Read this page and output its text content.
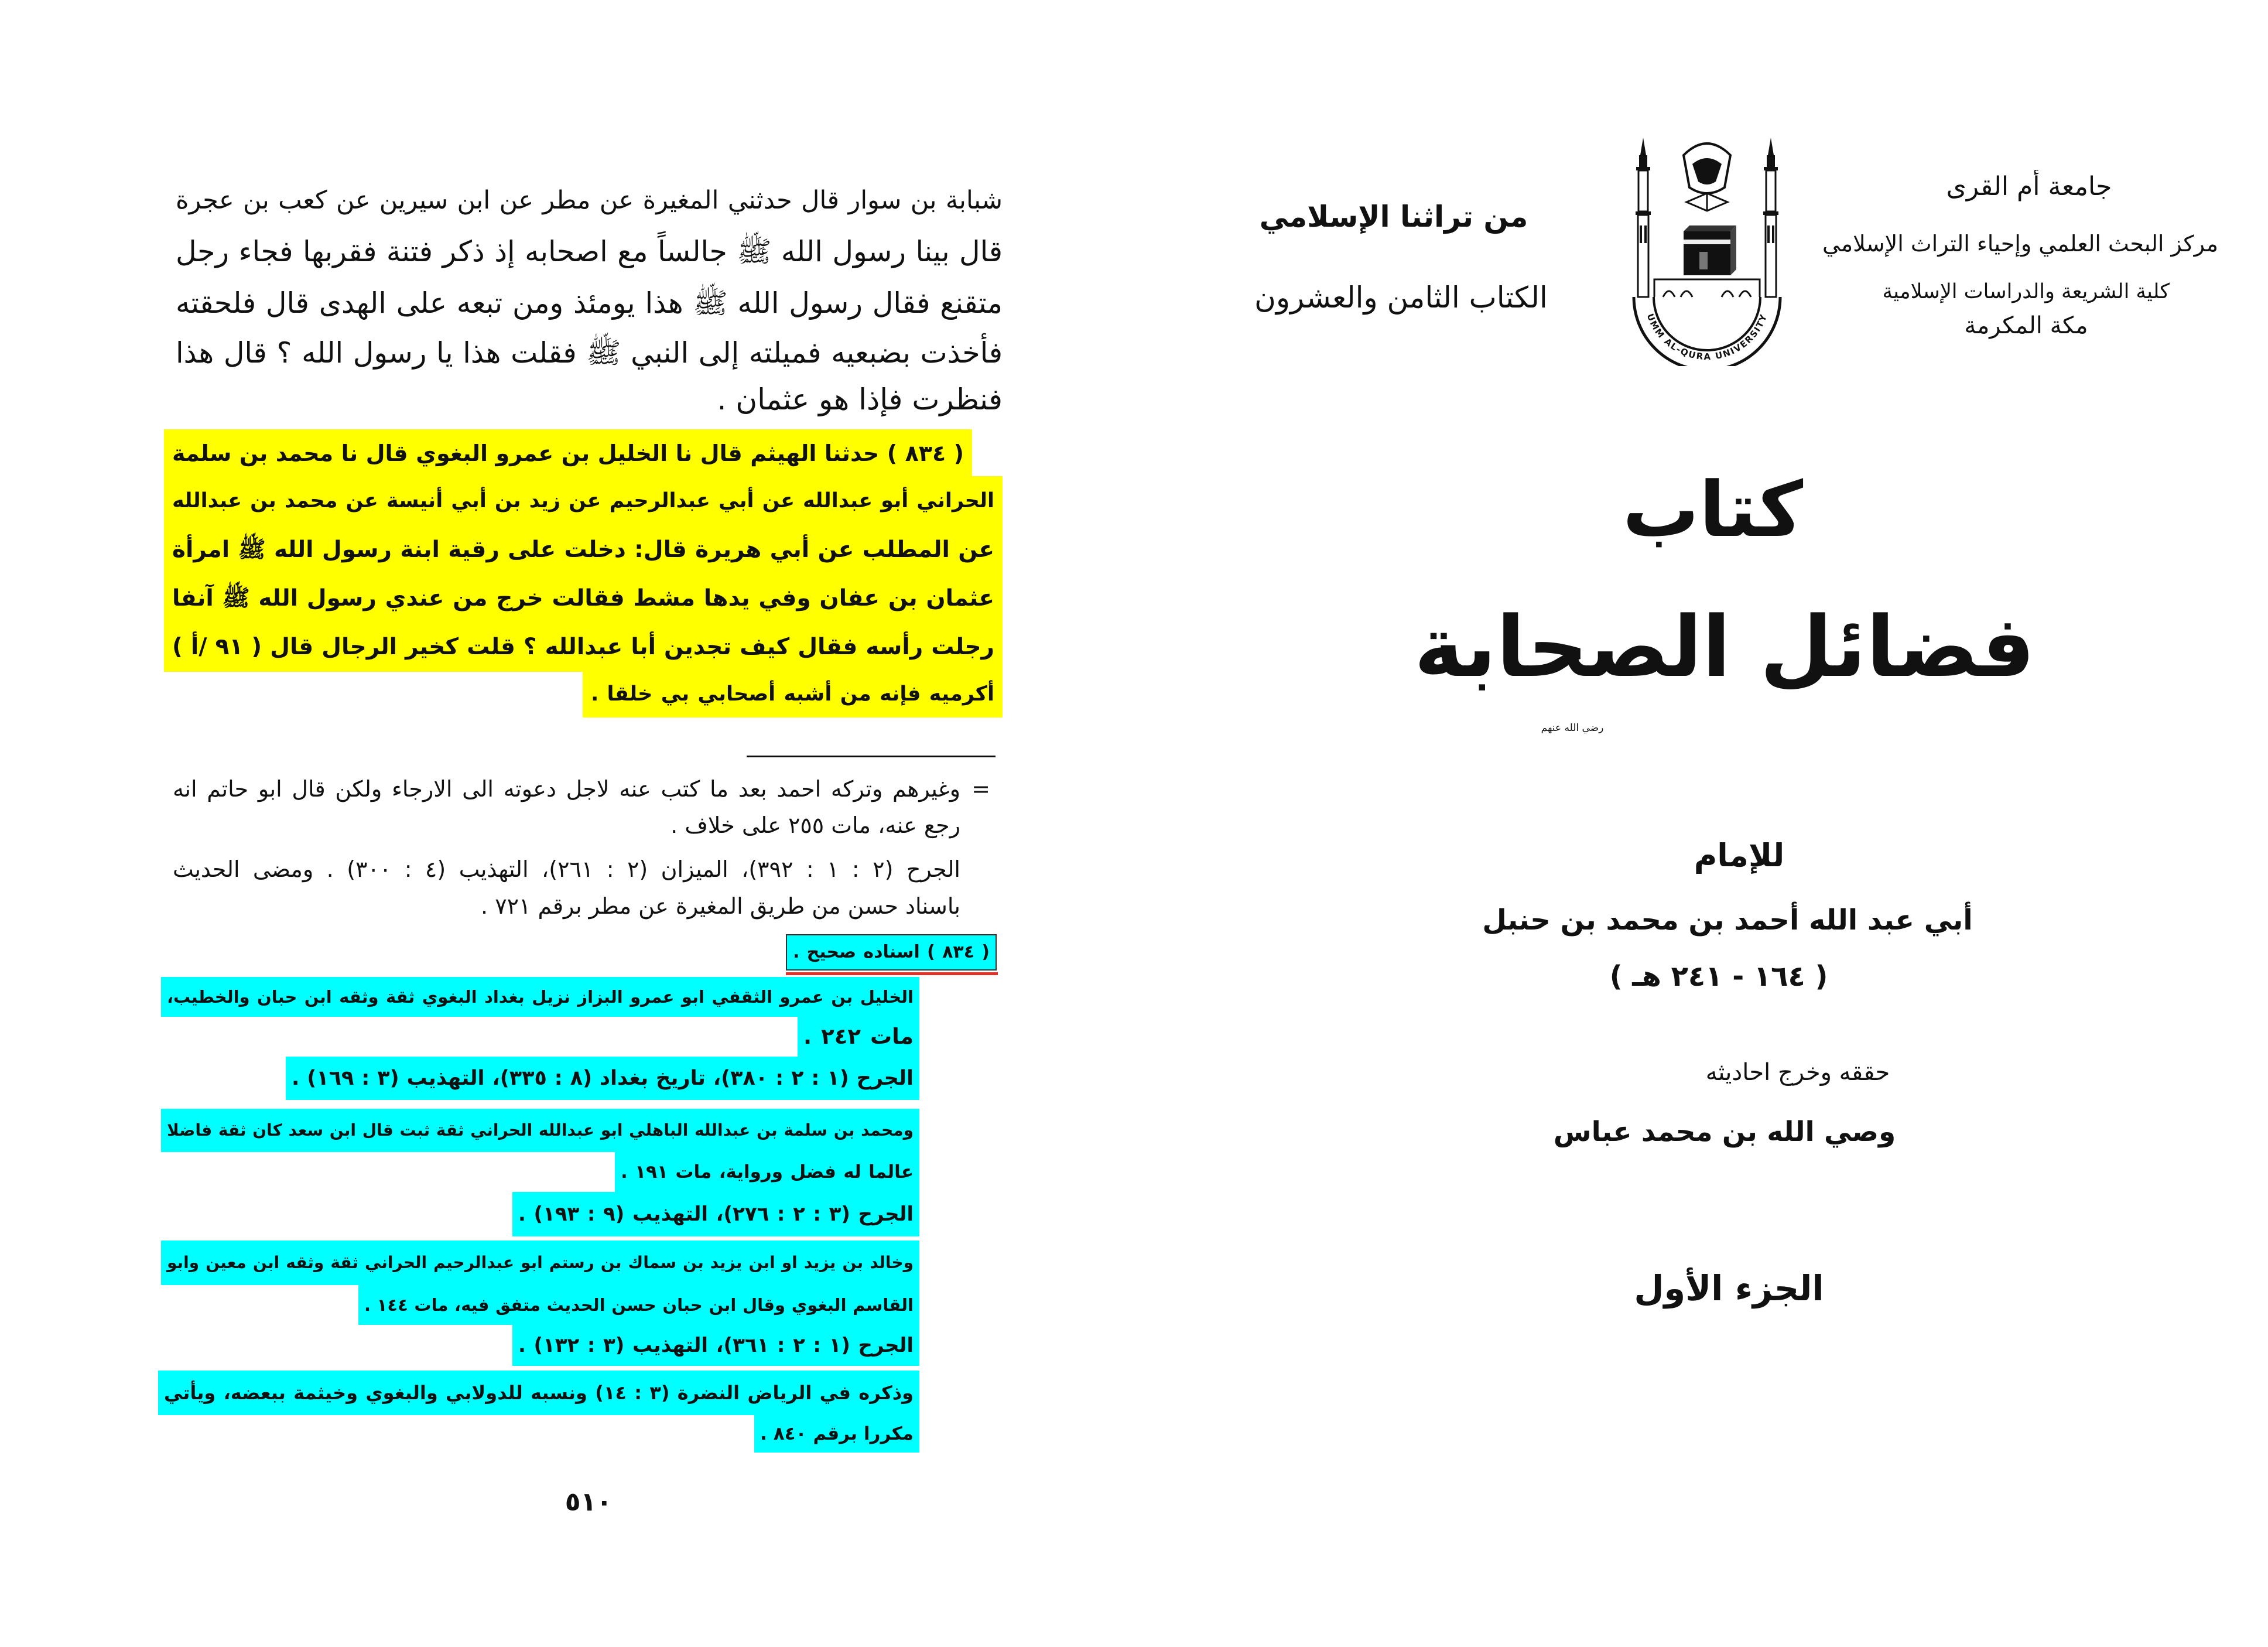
شبابة بن سوار قال حدثني المغيرة عن مطر عن ابن سيرين عن كعب بن عجرة
قال بينا رسول الله ﷺ جالساً مع اصحابه إذ ذكر فتنة فقربها فجاء رجل
متقنع فقال رسول الله ﷺ هذا يومئذ ومن تبعه على الهدى قال فلحقته
فأخذت بضبعيه فميلته إلى النبي ﷺ فقلت هذا يا رسول الله ؟ قال هذا
فنظرت فإذا هو عثمان .
( ٨٣٤ ) حدثنا الهيثم قال نا الخليل بن عمرو البغوي قال نا محمد بن سلمة
الحراني أبو عبدالله عن أبي عبدالرحيم عن زيد بن أبي أنيسة عن محمد بن عبدالله
عن المطلب عن أبي هريرة قال: دخلت على رقية ابنة رسول الله ﷺ امرأة
عثمان بن عفان وفي يدها مشط فقالت خرج من عندي رسول الله ﷺ آنفا
رجلت رأسه فقال كيف تجدين أبا عبدالله ؟ قلت كخير الرجال قال ( ٩١ /أ )
أكرميه فإنه من أشبه أصحابي بي خلقا .
=
وغيرهم وتركه احمد بعد ما كتب عنه لاجل دعوته الى الارجاء ولكن قال ابو حاتم انه
رجع عنه، مات ٢٥٥ على خلاف .
الجرح (٢ : ١ : ٣٩٢)، الميزان (٢ : ٢٦١)، التهذيب (٤ : ٣٠٠) . ومضى الحديث
باسناد حسن من طريق المغيرة عن مطر برقم ٧٢١ .
( ٨٣٤ ) اسناده صحيح .
الخليل بن عمرو الثقفي ابو عمرو البزاز نزيل بغداد البغوي ثقة وثقه ابن حبان والخطيب،
مات ٢٤٢ .
الجرح (١ : ٢ : ٣٨٠)، تاريخ بغداد (٨ : ٣٣٥)، التهذيب (٣ : ١٦٩) .
ومحمد بن سلمة بن عبدالله الباهلي ابو عبدالله الحراني ثقة ثبت قال ابن سعد كان ثقة فاضلا
عالما له فضل ورواية، مات ١٩١ .
الجرح (٣ : ٢ : ٢٧٦)، التهذيب (٩ : ١٩٣) .
وخالد بن يزيد او ابن يزيد بن سماك بن رستم ابو عبدالرحيم الحراني ثقة وثقه ابن معين وابو
القاسم البغوي وقال ابن حبان حسن الحديث متفق فيه، مات ١٤٤ .
الجرح (١ : ٢ : ٣٦١)، التهذيب (٣ : ١٣٢) .
وذكره في الرياض النضرة (٣ : ١٤) ونسبه للدولابي والبغوي وخيثمة ببعضه، ويأتي
مكررا برقم ٨٤٠ .
٥١٠
من تراثنا الإسلامي
الكتاب الثامن والعشرون
UMM AL-QURA UNIVERSITY
جامعة أم القرى
مركز البحث العلمي وإحياء التراث الإسلامي
كلية الشريعة والدراسات الإسلامية
مكة المكرمة
كتاب
فضائل الصحابة
رضي الله عنهم
للإمام
أبي عبد الله أحمد بن محمد بن حنبل
( ١٦٤ - ٢٤١ هـ )
حققه وخرج احاديثه
وصي الله بن محمد عباس
الجزء الأول
